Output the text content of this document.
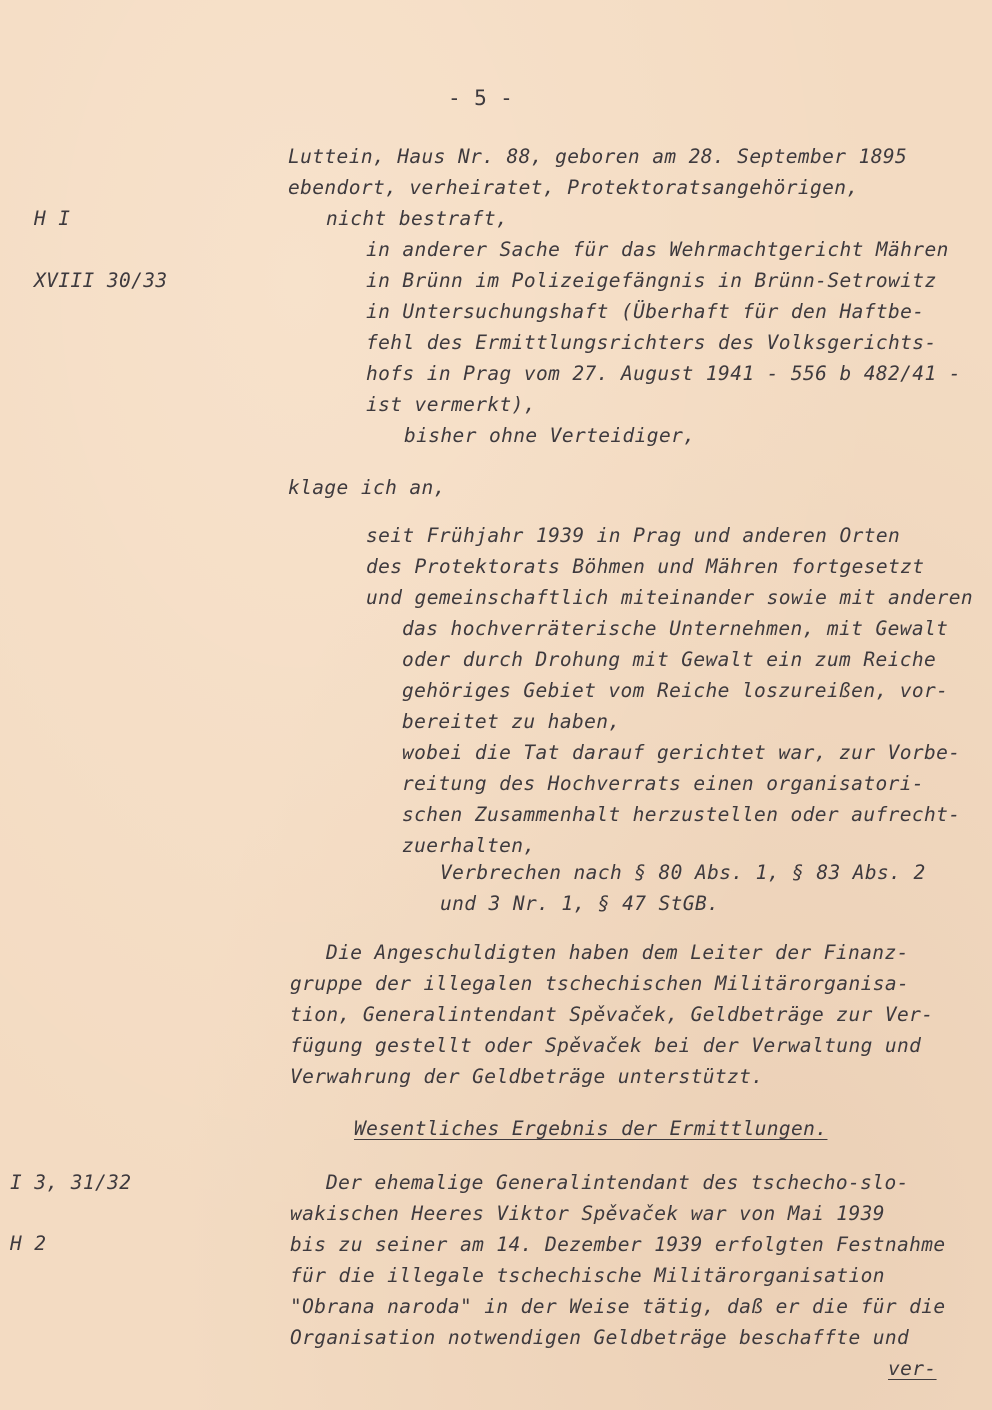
- 5 -
H I
XVIII 30/33
I 3, 31/32
H 2
Luttein, Haus Nr. 88, geboren am 28. September 1895
ebendort, verheiratet, Protektoratsangehörigen,
nicht bestraft,
in anderer Sache für das Wehrmachtgericht Mähren
in Brünn im Polizeigefängnis in Brünn-Setrowitz
in Untersuchungshaft (Überhaft für den Haftbe-
fehl des Ermittlungsrichters des Volksgerichts-
hofs in Prag vom 27. August 1941 - 556 b 482/41 -
ist vermerkt),
bisher ohne Verteidiger,
klage ich an,
seit Frühjahr 1939 in Prag und anderen Orten
des Protektorats Böhmen und Mähren fortgesetzt
und gemeinschaftlich miteinander sowie mit anderen
das hochverräterische Unternehmen, mit Gewalt
oder durch Drohung mit Gewalt ein zum Reiche
gehöriges Gebiet vom Reiche loszureißen, vor-
bereitet zu haben,
wobei die Tat darauf gerichtet war, zur Vorbe-
reitung des Hochverrats einen organisatori-
schen Zusammenhalt herzustellen oder aufrecht-
zuerhalten,
Verbrechen nach § 80 Abs. 1, § 83 Abs. 2
und 3 Nr. 1, § 47 StGB.
Die Angeschuldigten haben dem Leiter der Finanz-
gruppe der illegalen tschechischen Militärorganisa-
tion, Generalintendant Spěvaček, Geldbeträge zur Ver-
fügung gestellt oder Spěvaček bei der Verwaltung und
Verwahrung der Geldbeträge unterstützt.
Wesentliches Ergebnis der Ermittlungen.
Der ehemalige Generalintendant des tschecho-slo-
wakischen Heeres Viktor Spěvaček war von Mai 1939
bis zu seiner am 14. Dezember 1939 erfolgten Festnahme
für die illegale tschechische Militärorganisation
"Obrana naroda" in der Weise tätig, daß er die für die
Organisation notwendigen Geldbeträge beschaffte und
ver-
